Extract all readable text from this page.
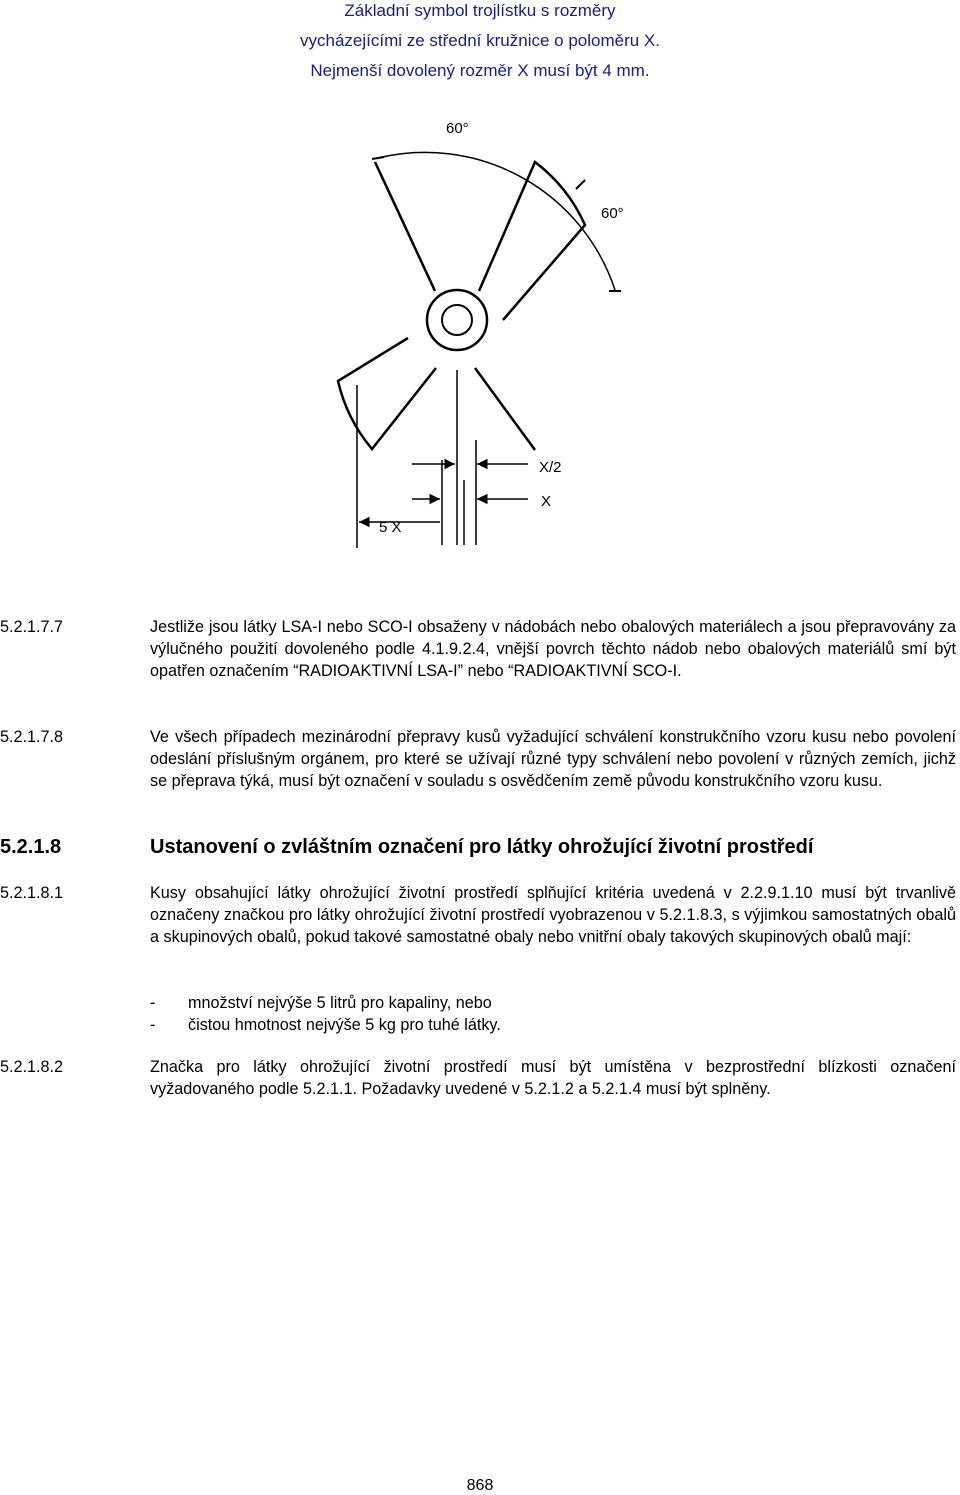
Základní symbol trojlístku s rozměry
vycházejícími ze střední kružnice o poloměru X.
Nejmenší dovolený rozměr X musí být 4 mm.
60°
60°
X/2
X
5 X
5.2.1.7.7	Jestliže jsou látky LSA-I nebo SCO-I obsaženy v nádobách nebo obalových materiálech a jsou přepravovány za výlučného použití dovoleného podle 4.1.9.2.4, vnější povrch těchto nádob nebo obalových materiálů smí být opatřen označením “RADIOAKTIVNÍ LSA-I” nebo “RADIOAKTIVNÍ SCO-I.
5.2.1.7.8	Ve všech případech mezinárodní přepravy kusů vyžadující schválení konstrukčního vzoru kusu nebo povolení odeslání příslušným orgánem, pro které se užívají různé typy schválení nebo povolení v různých zemích, jichž se přeprava týká, musí být označení v souladu s osvědčením země původu konstrukčního vzoru kusu.
5.2.1.8	Ustanovení o zvláštním označení pro látky ohrožující životní prostředí
5.2.1.8.1	Kusy obsahující látky ohrožující životní prostředí splňující kritéria uvedená v 2.2.9.1.10 musí být trvanlivě označeny značkou pro látky ohrožující životní prostředí vyobrazenou v 5.2.1.8.3, s výjimkou samostatných obalů a skupinových obalů, pokud takové samostatné obaly nebo vnitřní obaly takových skupinových obalů mají:
- množství nejvýše 5 litrů pro kapaliny, nebo
- čistou hmotnost nejvýše 5 kg pro tuhé látky.
5.2.1.8.2	Značka pro látky ohrožující životní prostředí musí být umístěna v bezprostřední blízkosti označení vyžadovaného podle 5.2.1.1. Požadavky uvedené v 5.2.1.2 a 5.2.1.4 musí být splněny.
868
